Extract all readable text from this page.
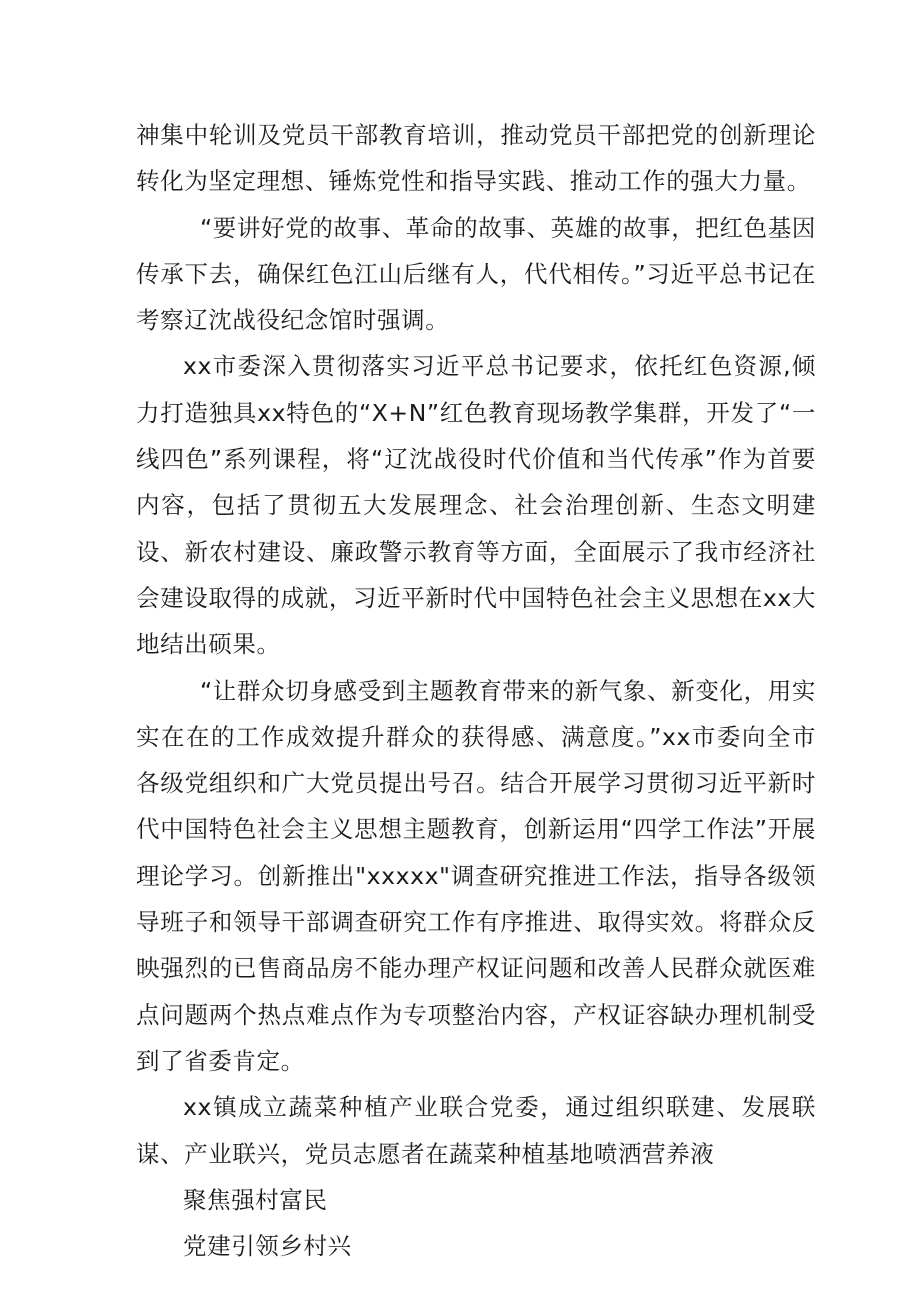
神集中轮训及党员干部教育培训，推动党员干部把党的创新理论转化为坚定理想、锤炼党性和指导实践、推动工作的强大力量。

“要讲好党的故事、革命的故事、英雄的故事，把红色基因传承下去，确保红色江山后继有人，代代相传。”习近平总书记在考察辽沈战役纪念馆时强调。

xx市委深入贯彻落实习近平总书记要求，依托红色资源,倾力打造独具xx特色的“X+N”红色教育现场教学集群，开发了“一线四色”系列课程，将“辽沈战役时代价值和当代传承”作为首要内容，包括了贯彻五大发展理念、社会治理创新、生态文明建设、新农村建设、廉政警示教育等方面，全面展示了我市经济社会建设取得的成就，习近平新时代中国特色社会主义思想在xx大地结出硕果。

“让群众切身感受到主题教育带来的新气象、新变化，用实实在在的工作成效提升群众的获得感、满意度。”xx市委向全市各级党组织和广大党员提出号召。结合开展学习贯彻习近平新时代中国特色社会主义思想主题教育，创新运用“四学工作法”开展理论学习。创新推出"xxxxx"调查研究推进工作法，指导各级领导班子和领导干部调查研究工作有序推进、取得实效。将群众反映强烈的已售商品房不能办理产权证问题和改善人民群众就医难点问题两个热点难点作为专项整治内容，产权证容缺办理机制受到了省委肯定。

xx镇成立蔬菜种植产业联合党委，通过组织联建、发展联谋、产业联兴，党员志愿者在蔬菜种植基地喷洒营养液

聚焦强村富民

党建引领乡村兴
